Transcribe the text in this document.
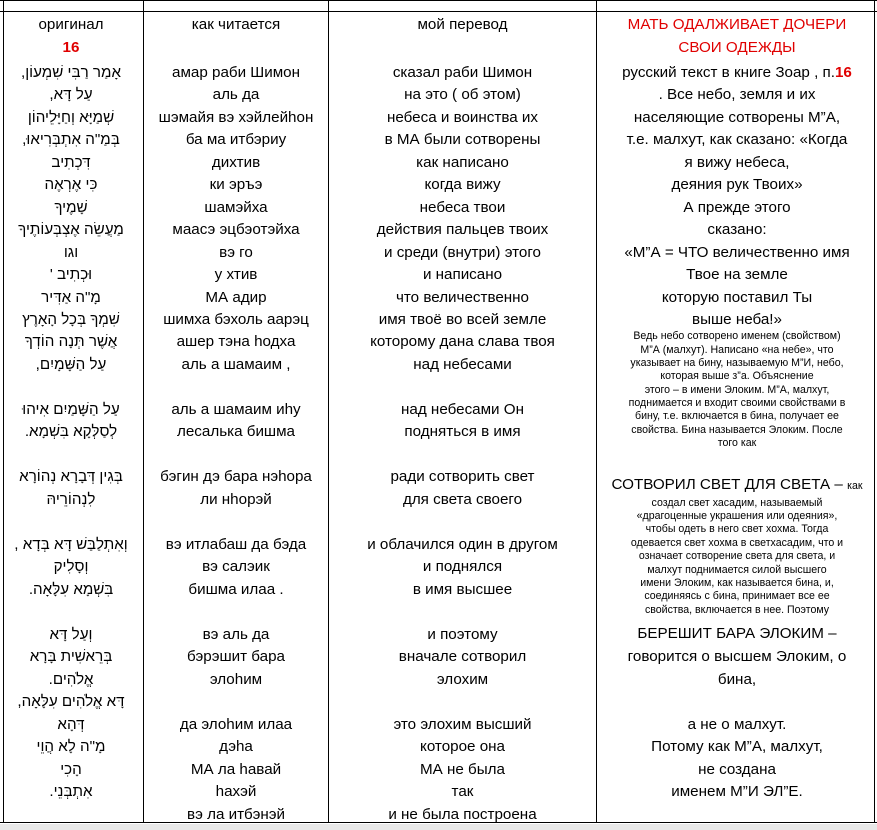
оригинал
16
как читается	мой перевод	МАТЬ ОДАЛЖИВАЕТ ДОЧЕРИ
СВОИ ОДЕЖДЫ
русский текст в книге Зоар , п.16
СОТВОРИЛ СВЕТ ДЛЯ СВЕТА – как
אָמַר רַבִּי שִׁמְעוֹן,
עַל דָּא,
שְׁמַיָּא וְחַיָּלֵיהוֹן
בְּמַ"ה אִתְבְּרִיאוּ,
דִּכְתִיב
כִּי אֶרְאֶה
שָׁמֶיךָ
מַעֲשֵׂה אֶצְבְּעוֹתֶיךָ
וגו
וּכְתִיב '
מָ"ה אַדִּיר
שִׁמְךָ בְּכָל הָאָרֶץ
אֲשֶׁר תְּנָה הוֹדְךָ
עַל הַשָּׁמָיִם,
עַל הַשָּׁמַיִם אִיהוּ
לְסַלְּקָא בִּשְׁמָא.
בְּגִין דְּבָרָא נְהוֹרָא
לִנְהוֹרֵיהּ
וְאִתְלַבַּשׁ דָּא בְּדָא ,
וְסָלִיק
בִּשְׁמָא עִלָּאָה.
וְעַל דָּא
בְּרֵאשִׁית בָּרָא
אֱלֹהִים.
דָּא אֱלֹהִים עִלָּאָה,
דְּהָא
מָ"ה לָא הֲוֵי
הָכִי
אִתְבְּנֵי.
амар раби Шимон
аль да
шэмайя вэ хэйлейhон
ба ма итбэриу
дихтив
ки эръэ
шамэйха
маасэ эцбэотэйха
вэ го
у хтив
МА адир
шимха бэхоль аарэц
ашер тэна hодха
аль а шамаим ,
аль а шамаим иhу
лесалька бишма
бэгин дэ бара нэhора
ли нhорэй
вэ итлабаш да бэда
вэ салэик
бишма илаа .
вэ аль да
бэрэшит бара
элоhим
да элоhим илаа
дэhа
МА ла hавай
hахэй
вэ ла итбэнэй
сказал раби Шимон
на это ( об этом)
небеса и воинства их
в МА были сотворены
как написано
когда вижу
небеса твои
действия пальцев твоих
и среди (внутри) этого
и написано
что величественно
имя твоё во всей земле
которому дана слава твоя
над небесами
над небесами Он
подняться в имя
ради сотворить свет
для света своего
и облачился один в другом
и поднялся
в имя высшее
и поэтому
вначале сотворил
элохим
это элохим высший
которое она
МА не была
так
и не была построена
. Все небо, земля и их
населяющие сотворены М”А,
т.е. малхут, как сказано: «Когда
я вижу небеса,
деяния рук Твоих»
А прежде этого
сказано:
«М”А = ЧТО величественно имя
Твое на земле
которую поставил Ты
выше неба!»
Ведь небо сотворено именем (свойством)
М”А (малхут). Написано «на небе», что
указывает на бину, называемую М”И, небо,
которая выше з”а. Объяснение
этого – в имени Элоким. М”А, малхут,
поднимается и входит своими свойствами в
бину, т.е. включается в бина, получает ее
свойства. Бина называется Элоким. После
того как
создал свет хасадим, называемый
«драгоценные украшения или одеяния»,
чтобы одеть в него свет хохма. Тогда
одевается свет хохма в светхасадим, что и
означает сотворение света для света, и
малхут поднимается силой высшего
имени Элоким, как называется бина, и,
соединяясь с бина, принимает все ее
свойства, включается в нее. Поэтому
БЕРЕШИТ БАРА ЭЛОКИМ –
говорится о высшем Элоким, о
бина,
а не о малхут.
Потому как М”А, малхут,
не создана
именем М”И ЭЛ”Е.
